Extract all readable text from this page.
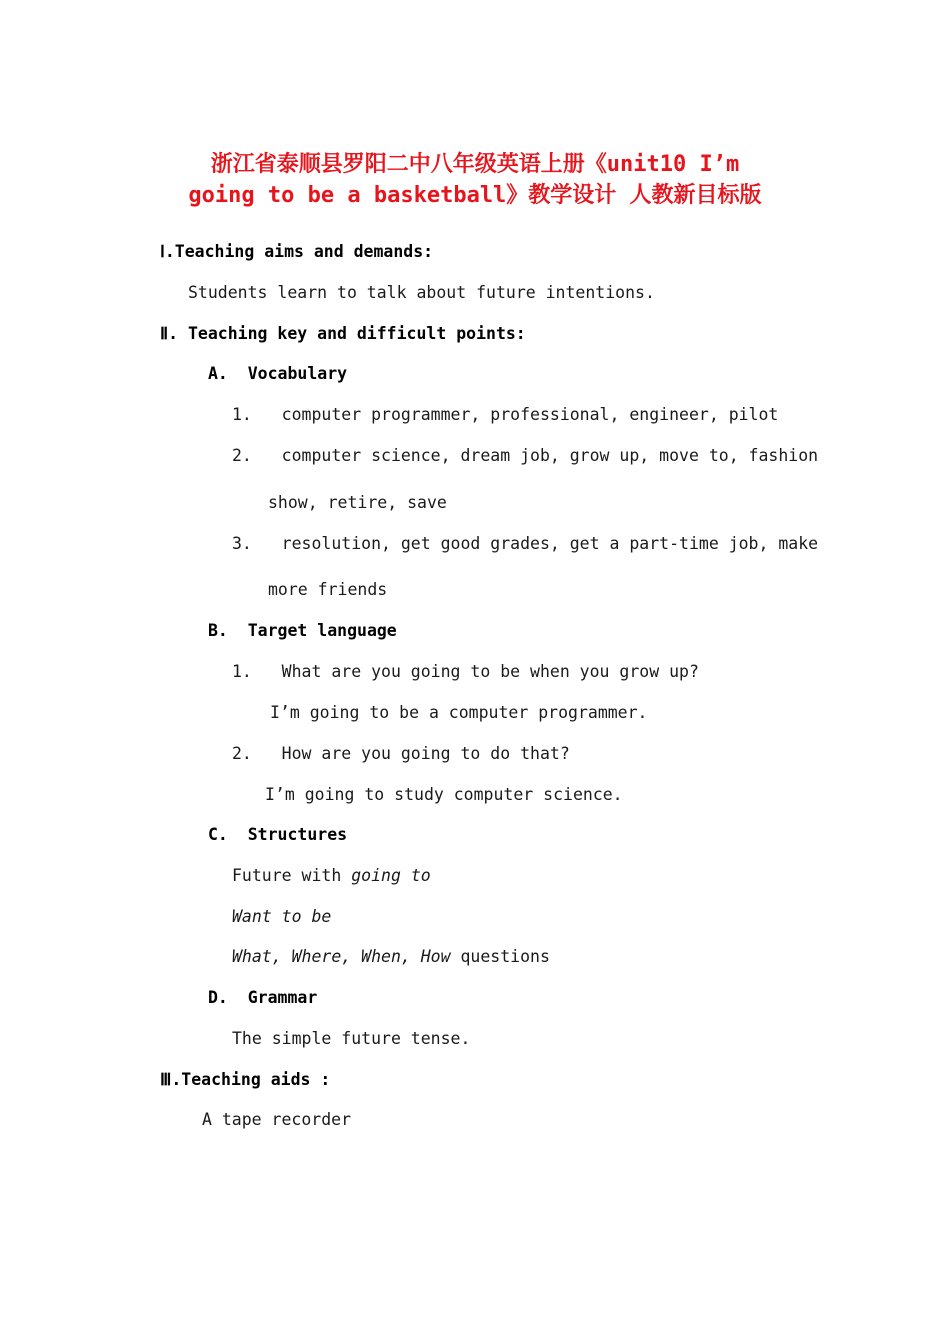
浙江省泰顺县罗阳二中八年级英语上册《unit10 I’m
going to be a basketball》教学设计 人教新目标版
Ⅰ.Teaching aims and demands:
Students learn to talk about future intentions.
Ⅱ. Teaching key and difficult points:
A.  Vocabulary
1.   computer programmer, professional, engineer, pilot
2.   computer science, dream job, grow up, move to, fashion
show, retire, save
3.   resolution, get good grades, get a part-time job, make
more friends
B.  Target language
1.   What are you going to be when you grow up?
I’m going to be a computer programmer.
2.   How are you going to do that?
I’m going to study computer science.
C.  Structures
Future with going to
Want to be
What, Where, When, How questions
D.  Grammar
The simple future tense.
Ⅲ.Teaching aids :
A tape recorder
